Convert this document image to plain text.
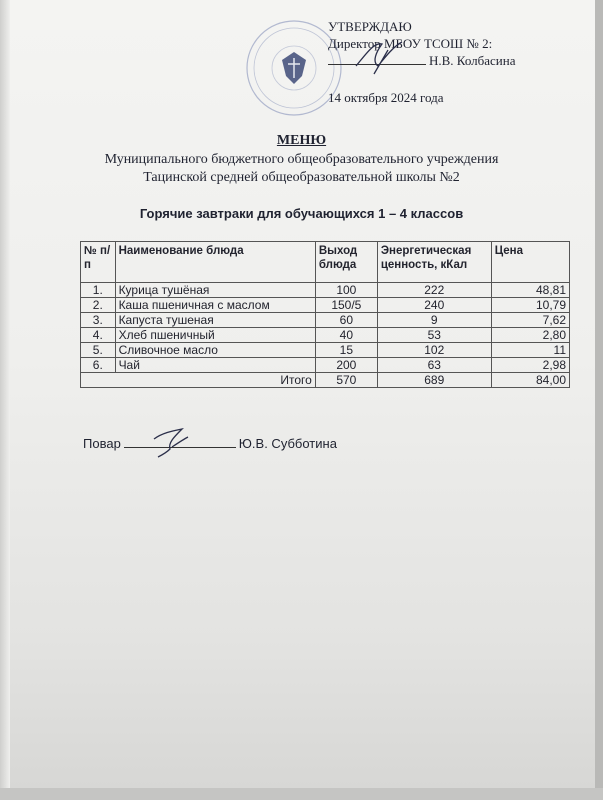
УТВЕРЖДАЮ
Директор МБОУ ТСОШ № 2:
Н.В. Колбасина
14 октября 2024 года
МЕНЮ
Муниципального бюджетного общеобразовательного учреждения
Тацинской средней общеобразовательной школы №2
Горячие завтраки для обучающихся 1 – 4 классов
№ п/п	Наименование блюда	Выход блюда	Энергетическая ценность, кКал	Цена
1.	Курица тушёная	100	222	48,81
2.	Каша пшеничная с маслом	150/5	240	10,79
3.	Капуста тушеная	60	9	7,62
4.	Хлеб пшеничный	40	53	2,80
5.	Сливочное масло	15	102	11
6.	Чай	200	63	2,98
Итого		570	689	84,00
Повар	Ю.В. Субботина
